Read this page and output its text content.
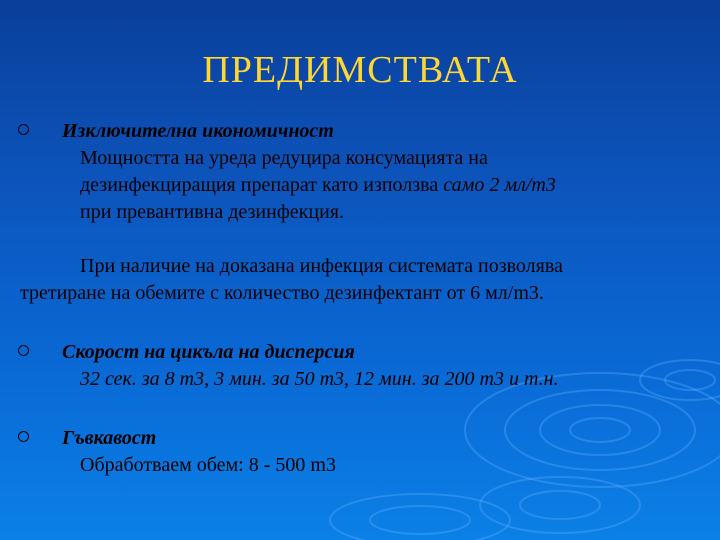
ПРЕДИМСТВАТА
Изключителна икономичност
Мощността на уреда редуцира консумацията на
дезинфекциращия препарат като използва само 2 мл/m3
при превантивна дезинфекция.
При наличие на доказана инфекция системата позволява
третиране на обемите с количество дезинфектант от 6 мл/m3.
Скорост на цикъла на дисперсия
32 сек. за 8 m3, 3 мин. за 50 m3, 12 мин. за 200 m3 и т.н.
Гъвкавост
Обработваем обем: 8 - 500 m3
